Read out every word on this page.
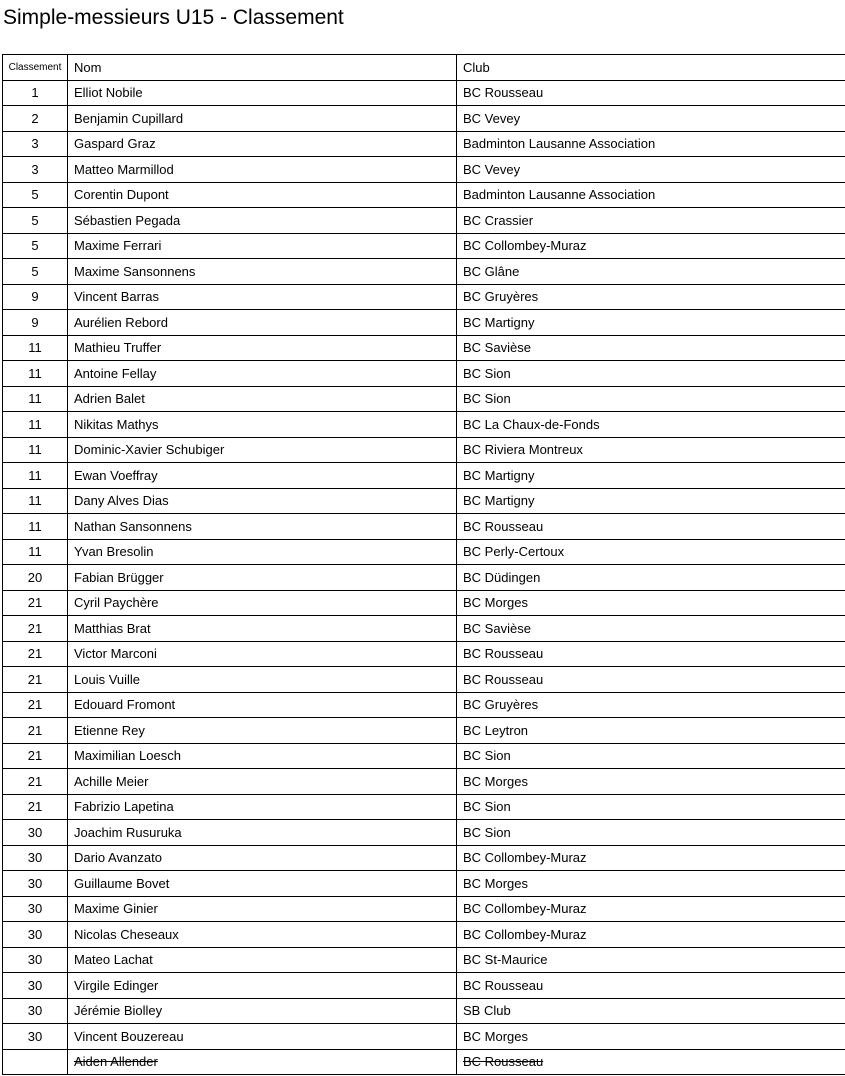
Simple-messieurs U15 - Classement
Classement	Nom	Club
1	Elliot Nobile	BC Rousseau
2	Benjamin Cupillard	BC Vevey
3	Gaspard Graz	Badminton Lausanne Association
3	Matteo Marmillod	BC Vevey
5	Corentin Dupont	Badminton Lausanne Association
5	Sébastien Pegada	BC Crassier
5	Maxime Ferrari	BC Collombey-Muraz
5	Maxime Sansonnens	BC Glâne
9	Vincent Barras	BC Gruyères
9	Aurélien Rebord	BC Martigny
11	Mathieu Truffer	BC Savièse
11	Antoine Fellay	BC Sion
11	Adrien Balet	BC Sion
11	Nikitas Mathys	BC La Chaux-de-Fonds
11	Dominic-Xavier Schubiger	BC Riviera Montreux
11	Ewan Voeffray	BC Martigny
11	Dany Alves Dias	BC Martigny
11	Nathan Sansonnens	BC Rousseau
11	Yvan Bresolin	BC Perly-Certoux
20	Fabian Brügger	BC Düdingen
21	Cyril Paychère	BC Morges
21	Matthias Brat	BC Savièse
21	Victor Marconi	BC Rousseau
21	Louis Vuille	BC Rousseau
21	Edouard Fromont	BC Gruyères
21	Etienne Rey	BC Leytron
21	Maximilian Loesch	BC Sion
21	Achille Meier	BC Morges
21	Fabrizio Lapetina	BC Sion
30	Joachim Rusuruka	BC Sion
30	Dario Avanzato	BC Collombey-Muraz
30	Guillaume Bovet	BC Morges
30	Maxime Ginier	BC Collombey-Muraz
30	Nicolas Cheseaux	BC Collombey-Muraz
30	Mateo Lachat	BC St-Maurice
30	Virgile Edinger	BC Rousseau
30	Jérémie Biolley	SB Club
30	Vincent Bouzereau	BC Morges
	Aiden Allender	BC Rousseau
